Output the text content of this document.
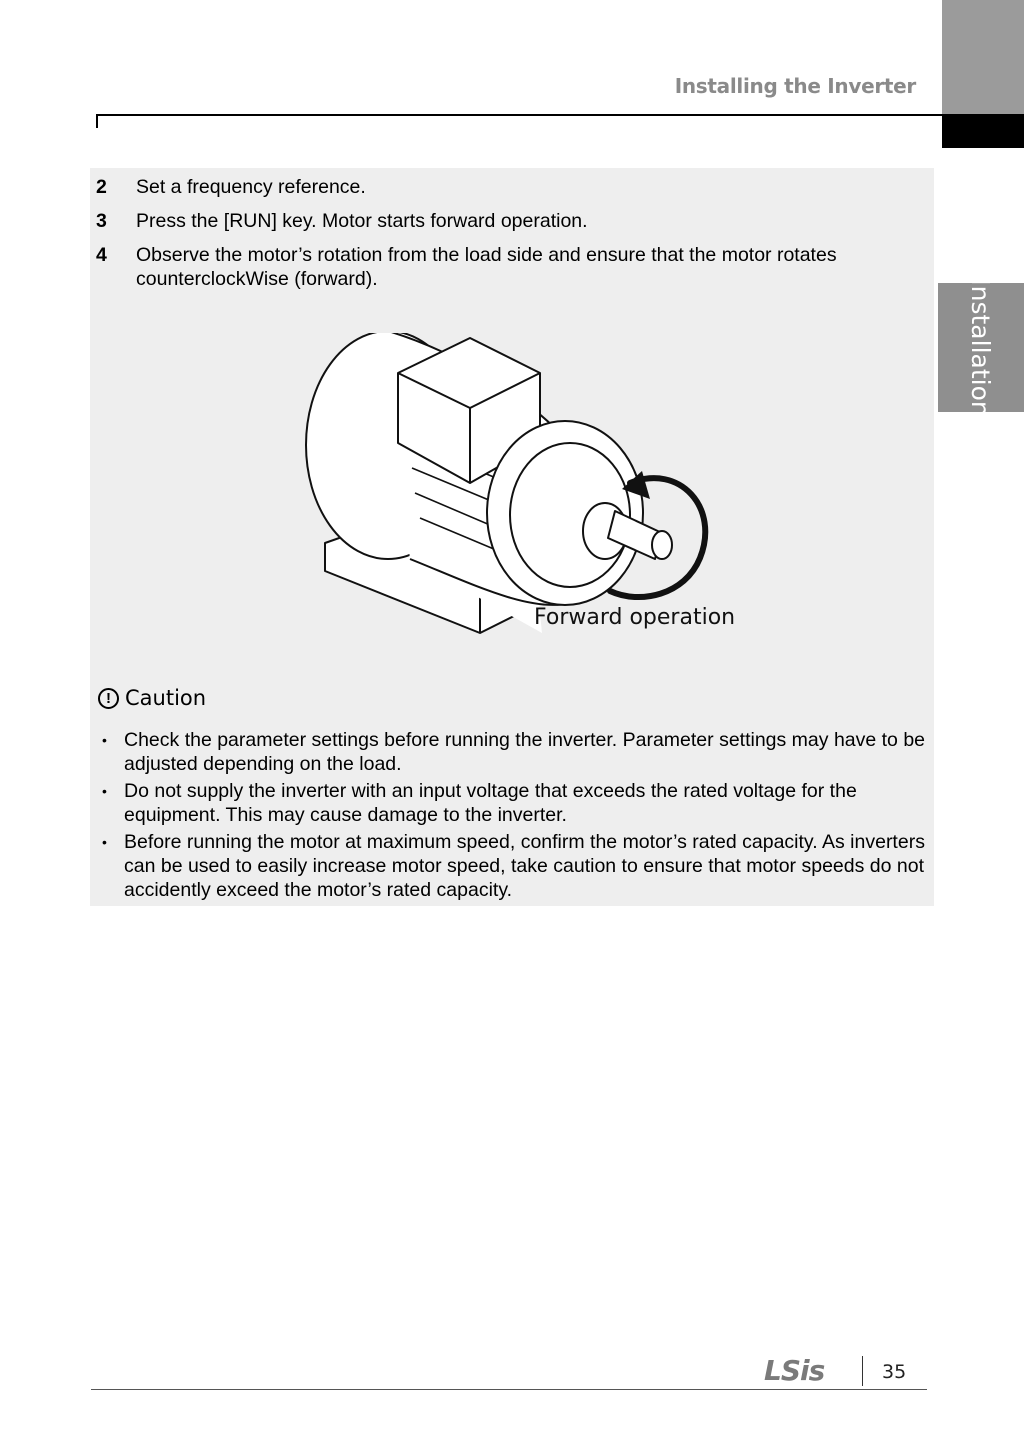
Installing the Inverter
Installation
2 Set a frequency reference.
3 Press the [RUN] key. Motor starts forward operation.
4 Observe the motor’s rotation from the load side and ensure that the motor rotates counterclockWise (forward).
Forward operation
! Caution
• Check the parameter settings before running the inverter. Parameter settings may have to be adjusted depending on the load.
• Do not supply the inverter with an input voltage that exceeds the rated voltage for the equipment. This may cause damage to the inverter.
• Before running the motor at maximum speed, confirm the motor’s rated capacity. As inverters can be used to easily increase motor speed, take caution to ensure that motor speeds do not accidently exceed the motor’s rated capacity.
LSis	35
